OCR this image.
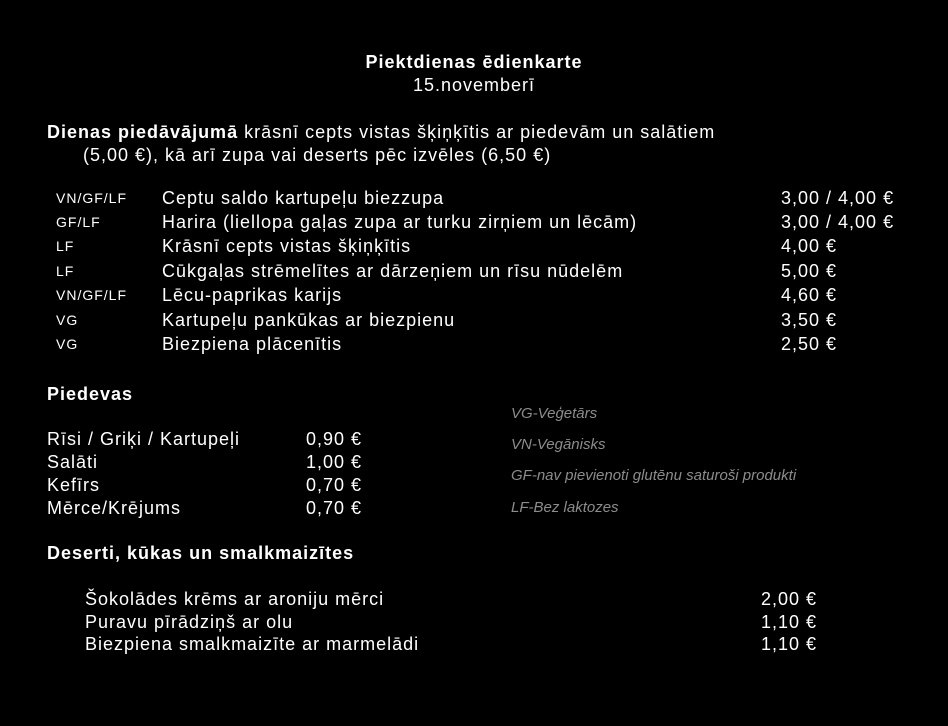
Piektdienas ēdienkarte
15.novemberī
Dienas piedāvājumā krāsnī cepts vistas šķiņķītis ar piedevām un salātiem
(5,00 €), kā arī zupa vai deserts pēc izvēles (6,50 €)
VN/GF/LF Ceptu saldo kartupeļu biezzupa	3,00 / 4,00 €
GF/LF	Harira (liellopa gaļas zupa ar turku zirņiem un lēcām)	3,00 / 4,00 €
LF	Krāsnī cepts vistas šķiņķītis	4,00 €
LF	Cūkgaļas strēmelītes ar dārzeņiem un rīsu nūdelēm	5,00 €
VN/GF/LF Lēcu-paprikas karijs	4,60 €
VG	Kartupeļu pankūkas ar biezpienu	3,50 €
VG	Biezpiena plācenītis	2,50 €
Piedevas
Rīsi / Griķi / Kartupeļi	0,90 €
Salāti	1,00 €
Kefīrs	0,70 €
Mērce/Krējums	0,70 €
VG-Veģetārs
VN-Vegānisks
GF-nav pievienoti glutēnu saturoši produkti
LF-Bez laktozes
Deserti, kūkas un smalkmaizītes
Šokolādes krēms ar aroniju mērci	2,00 €
Puravu pīrādziņš ar olu	1,10 €
Biezpiena smalkmaizīte ar marmelādi	1,10 €
